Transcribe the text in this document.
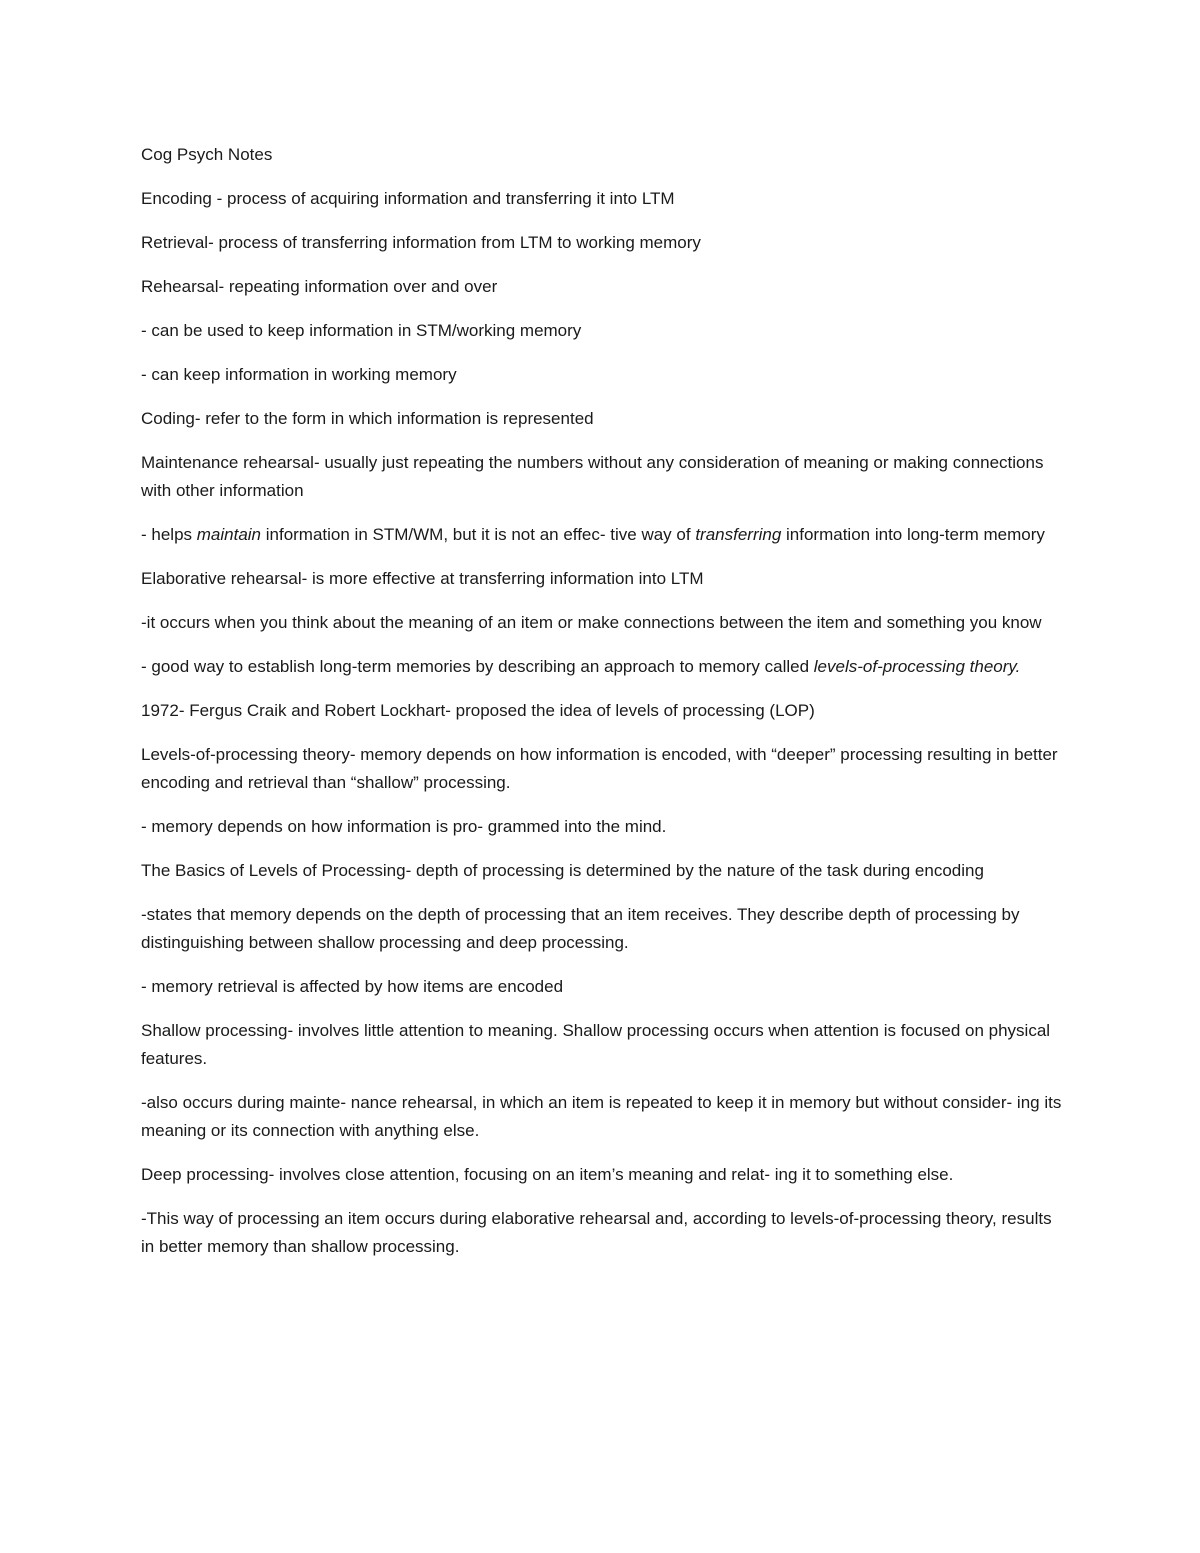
Cog Psych Notes

Encoding - process of acquiring information and transferring it into LTM

Retrieval- process of transferring information from LTM to working memory

Rehearsal- repeating information over and over

- can be used to keep information in STM/working memory

- can keep information in working memory

Coding- refer to the form in which information is represented

Maintenance rehearsal- usually just repeating the numbers without any consideration of meaning or making connections with other information

- helps maintain information in STM/WM, but it is not an effec- tive way of transferring information into long-term memory

Elaborative rehearsal- is more effective at transferring information into LTM

-it occurs when you think about the meaning of an item or make connections between the item and something you know

- good way to establish long-term memories by describing an approach to memory called levels-of-processing theory.

1972- Fergus Craik and Robert Lockhart- proposed the idea of levels of processing (LOP)

Levels-of-processing theory- memory depends on how information is encoded, with “deeper” processing resulting in better encoding and retrieval than “shallow” processing.

- memory depends on how information is pro- grammed into the mind.

The Basics of Levels of Processing- depth of processing is determined by the nature of the task during encoding

-states that memory depends on the depth of processing that an item receives. They describe depth of processing by distinguishing between shallow processing and deep processing.

- memory retrieval is affected by how items are encoded

Shallow processing- involves little attention to meaning. Shallow processing occurs when attention is focused on physical features.

-also occurs during mainte- nance rehearsal, in which an item is repeated to keep it in memory but without consider- ing its meaning or its connection with anything else.

Deep processing- involves close attention, focusing on an item’s meaning and relat- ing it to something else.

-This way of processing an item occurs during elaborative rehearsal and, according to levels-of-processing theory, results in better memory than shallow processing.
